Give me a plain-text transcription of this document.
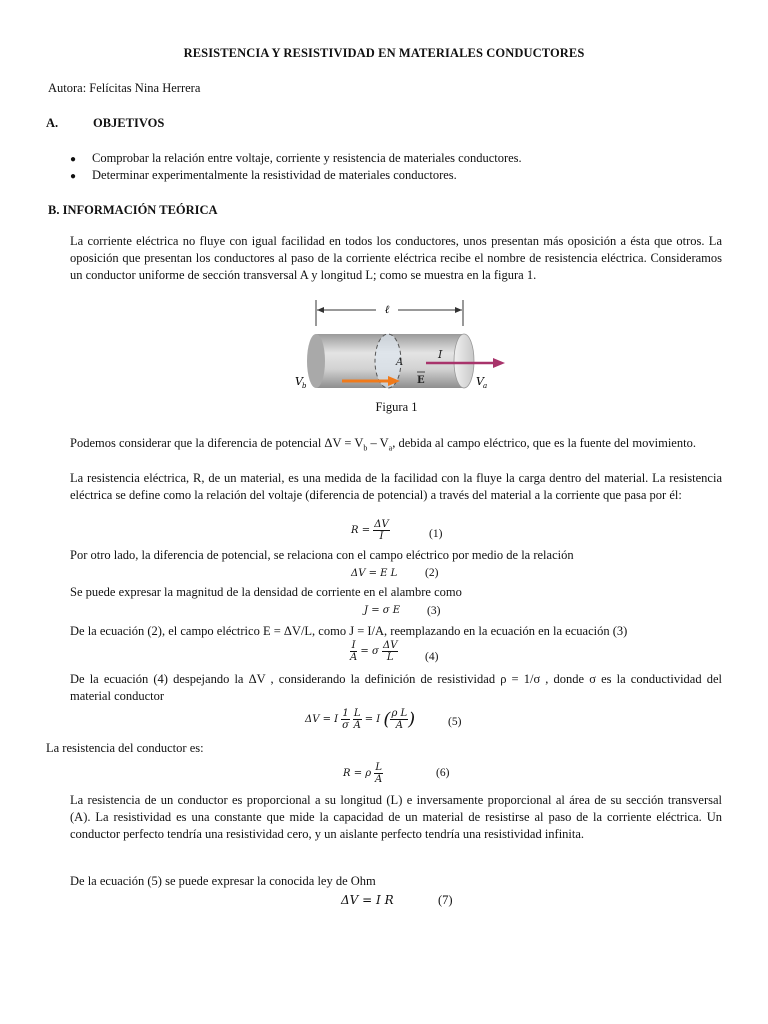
RESISTENCIA Y RESISTIVIDAD EN MATERIALES CONDUCTORES
Autora: Felícitas Nina Herrera
A.	OBJETIVOS
● Comprobar la relación entre voltaje, corriente y resistencia de materiales conductores.
● Determinar experimentalmente la resistividad de materiales conductores.
B. INFORMACIÓN TEÓRICA
La corriente eléctrica no fluye con igual facilidad en todos los conductores, unos presentan más oposición a ésta que otros. La oposición que presentan los conductores al paso de la corriente eléctrica recibe el nombre de resistencia eléctrica. Consideramos un conductor uniforme de sección transversal A y longitud L; como se muestra en la figura 1.
ℓ
A
E
I
V b	V a
Figura 1
Podemos considerar que la diferencia de potencial $\Delta V = V_b - V_a$, debida al campo eléctrico, que es la fuente del movimiento.
La resistencia eléctrica, R, de un material, es una medida de la facilidad con la fluye la carga dentro del material. La resistencia eléctrica se define como la relación del voltaje (diferencia de potencial) a través del material a la corriente que pasa por él:
$R = \frac{\Delta V}{I}$	(1)
Por otro lado, la diferencia de potencial, se relaciona con el campo eléctrico por medio de la relación
ΔV = E L (2)
Se puede expresar la magnitud de la densidad de corriente en el alambre como
J = σ E (3)
De la ecuación (2), el campo eléctrico E = ΔV/L, como J = I/A, reemplazando en la ecuación en la ecuación (3)
$\frac{I}{A} = \sigma \frac{\Delta V}{L} (4)$
De la ecuación (4) despejando la ΔV , considerando la definición de resistividad ρ = 1/σ , donde σ es la conductividad del material conductor
ΔV = I $\frac{1}{\sigma}$
$\frac{L}{A} = I$ ( $\frac{\text{ρ L}}{A}$ )	(5)
La resistencia del conductor es:
R = ρ $\frac{L}{A}$	(6)
La resistencia de un conductor es proporcional a su longitud (L) e inversamente proporcional al área de su sección transversal (A). La resistividad es una constante que mide la capacidad de un material de resistirse al paso de la corriente eléctrica. Un conductor perfecto tendría una resistividad cero, y un aislante perfecto tendría una resistividad infinita.
De la ecuación (5) se puede expresar la conocida ley de Ohm
ΔV = I R	(7)
